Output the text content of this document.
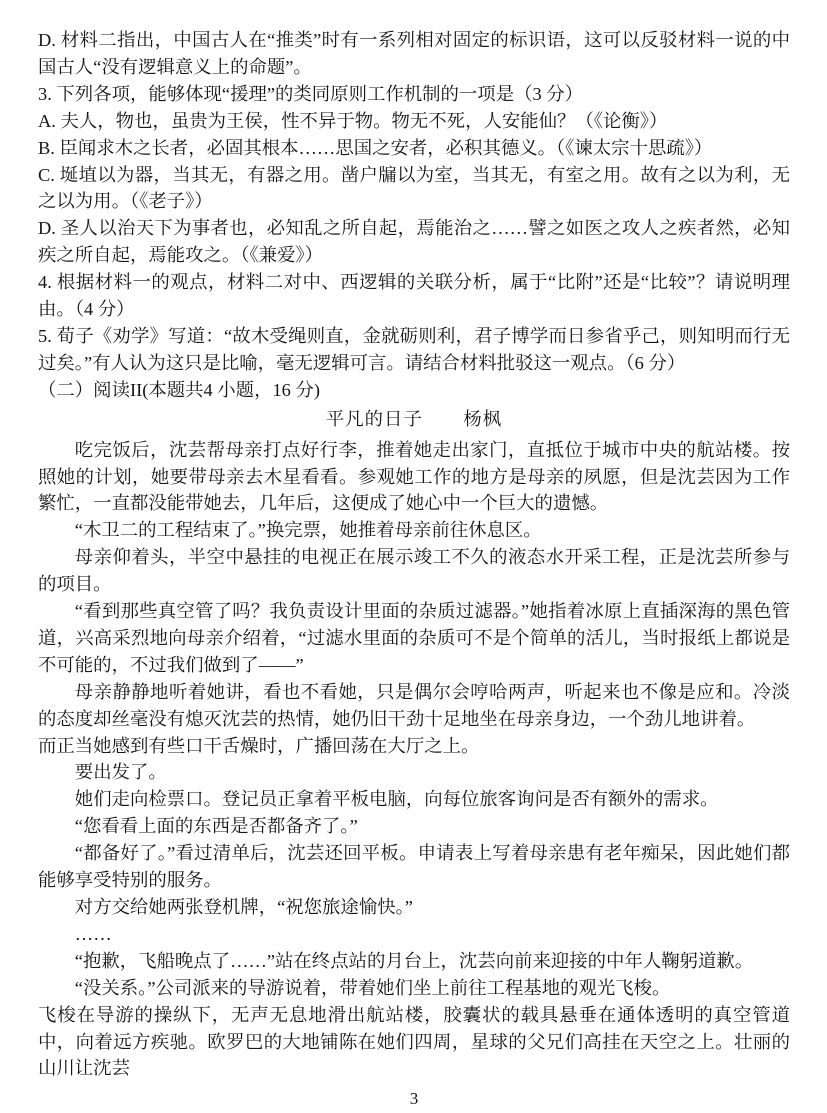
D. 材料二指出，中国古人在“推类”时有一系列相对固定的标识语，这可以反驳材料一说的中国古人“没有逻辑意义上的命题”。

3. 下列各项，能够体现“援理”的类同原则工作机制的一项是（3 分）

A. 夫人，物也，虽贵为王侯，性不异于物。物无不死，人安能仙？（《论衡》）

B. 臣闻求木之长者，必固其根本……思国之安者，必积其德义。（《谏太宗十思疏》）

C. 埏埴以为器，当其无，有器之用。凿户牖以为室，当其无，有室之用。故有之以为利，无之以为用。（《老子》）

D. 圣人以治天下为事者也，必知乱之所自起，焉能治之……譬之如医之攻人之疾者然，必知疾之所自起，焉能攻之。（《兼爱》）

4. 根据材料一的观点，材料二对中、西逻辑的关联分析，属于“比附”还是“比较”？请说明理由。（4 分）

5. 荀子《劝学》写道：“故木受绳则直，金就砺则利，君子博学而日参省乎己，则知明而行无过矣。”有人认为这只是比喻，毫无逻辑可言。请结合材料批驳这一观点。（6 分）

（二）阅读II(本题共4 小题，16 分)

平凡的日子 杨枫

吃完饭后，沈芸帮母亲打点好行李，推着她走出家门，直抵位于城市中央的航站楼。按照她的计划，她要带母亲去木星看看。参观她工作的地方是母亲的夙愿，但是沈芸因为工作繁忙，一直都没能带她去，几年后，这便成了她心中一个巨大的遗憾。

“木卫二的工程结束了。”换完票，她推着母亲前往休息区。

母亲仰着头，半空中悬挂的电视正在展示竣工不久的液态水开采工程，正是沈芸所参与的项目。

“看到那些真空管了吗？我负责设计里面的杂质过滤器。”她指着冰原上直插深海的黑色管道，兴高采烈地向母亲介绍着，“过滤水里面的杂质可不是个简单的活儿，当时报纸上都说是不可能的，不过我们做到了——”

母亲静静地听着她讲，看也不看她，只是偶尔会哼哈两声，听起来也不像是应和。冷淡的态度却丝毫没有熄灭沈芸的热情，她仍旧干劲十足地坐在母亲身边，一个劲儿地讲着。

而正当她感到有些口干舌燥时，广播回荡在大厅之上。

要出发了。

她们走向检票口。登记员正拿着平板电脑，向每位旅客询问是否有额外的需求。

“您看看上面的东西是否都备齐了。”

“都备好了。”看过清单后，沈芸还回平板。申请表上写着母亲患有老年痴呆，因此她们都能够享受特别的服务。

对方交给她两张登机牌，“祝您旅途愉快。”

……

“抱歉，飞船晚点了……”站在终点站的月台上，沈芸向前来迎接的中年人鞠躬道歉。

“没关系。”公司派来的导游说着，带着她们坐上前往工程基地的观光飞梭。

飞梭在导游的操纵下，无声无息地滑出航站楼，胶囊状的载具悬垂在通体透明的真空管道中，向着远方疾驰。欧罗巴的大地铺陈在她们四周，星球的父兄们高挂在天空之上。壮丽的山川让沈芸

3
